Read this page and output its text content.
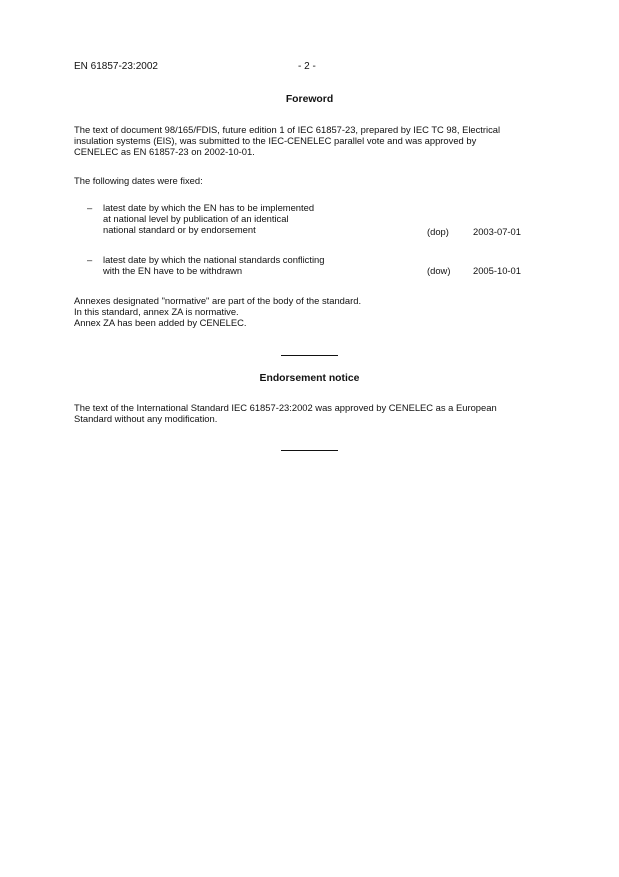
EN 61857-23:2002	- 2 -
Foreword
The text of document 98/165/FDIS, future edition 1 of IEC 61857-23, prepared by IEC TC 98, Electrical
insulation systems (EIS), was submitted to the IEC-CENELEC parallel vote and was approved by
CENELEC as EN 61857-23 on 2002-10-01.
The following dates were fixed:
– latest date by which the EN has to be implemented
at national level by publication of an identical
national standard or by endorsement	(dop)	2003-07-01
– latest date by which the national standards conflicting
with the EN have to be withdrawn	(dow) 2005-10-01
Annexes designated "normative" are part of the body of the standard.
In this standard, annex ZA is normative.
Annex ZA has been added by CENELEC.
Endorsement notice
The text of the International Standard IEC 61857-23:2002 was approved by CENELEC as a European
Standard without any modification.
